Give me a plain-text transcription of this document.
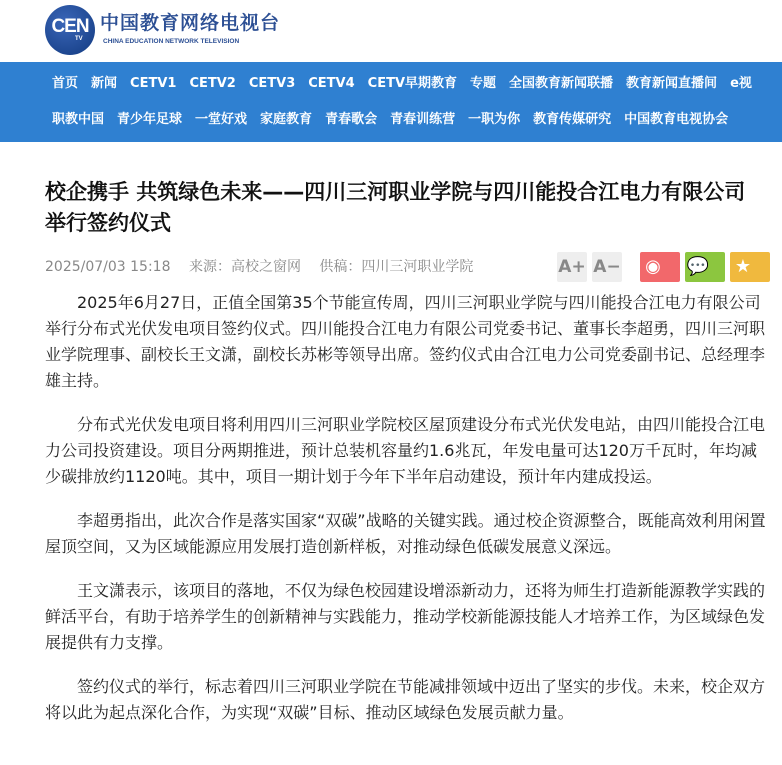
CEN
TV
中国教育网络电视台
CHINA EDUCATION NETWORK TELEVISION
首页 新闻 CETV1 CETV2 CETV3 CETV4 CETV早期教育 专题 全国教育新闻联播 教育新闻直播间 e视
职教中国 青少年足球 一堂好戏 家庭教育 青春歌会 青春训练营 一职为你 教育传媒研究 中国教育电视协会
校企携手 共筑绿色未来——四川三河职业学院与四川能投合江电力有限公司举行签约仪式
2025/07/03 15:18 来源：高校之窗网 供稿：四川三河职业学院	A+ A− ◉	💬	★

2025年6月27日，正值全国第35个节能宣传周，四川三河职业学院与四川能投合江电力有限公司举行分布式光伏发电项目签约仪式。四川能投合江电力有限公司党委书记、董事长李超勇，四川三河职业学院理事、副校长王文潇，副校长苏彬等领导出席。签约仪式由合江电力公司党委副书记、总经理李雄主持。

分布式光伏发电项目将利用四川三河职业学院校区屋顶建设分布式光伏发电站，由四川能投合江电力公司投资建设。项目分两期推进，预计总装机容量约1.6兆瓦，年发电量可达120万千瓦时，年均减少碳排放约1120吨。其中，项目一期计划于今年下半年启动建设，预计年内建成投运。

李超勇指出，此次合作是落实国家“双碳”战略的关键实践。通过校企资源整合，既能高效利用闲置屋顶空间，又为区域能源应用发展打造创新样板，对推动绿色低碳发展意义深远。

王文潇表示，该项目的落地，不仅为绿色校园建设增添新动力，还将为师生打造新能源教学实践的鲜活平台，有助于培养学生的创新精神与实践能力，推动学校新能源技能人才培养工作，为区域绿色发展提供有力支撑。

签约仪式的举行，标志着四川三河职业学院在节能减排领域中迈出了坚实的步伐。未来，校企双方将以此为起点深化合作，为实现“双碳”目标、推动区域绿色发展贡献力量。
